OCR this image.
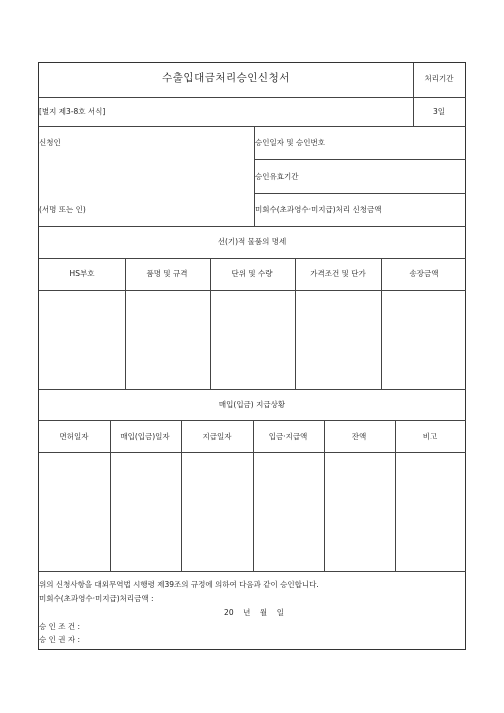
수출입대금처리승인신청서	처리기간
[별지 제3-8호 서식]	3일
신청인	승인일자 및 승인번호
승인유효기간
(서명 또는 인)	미회수(초과영수·미지급)처리 신청금액
선(기)적 물품의 명세
HS부호	품명 및 규격	단위 및 수량	가격조건 및 단가	송장금액
매입(입금) 지급상황
면허일자	매입(입금)일자	지급일자	입금·지급액	잔액	비고
위의 신청사항을 대외무역법 시행령 제39조의 규정에 의하여 다음과 같이 승인합니다.
미회수(초과영수·미지급)처리금액 :
20    년    월    일
승 인 조 건 :
승 인 권 자 :
